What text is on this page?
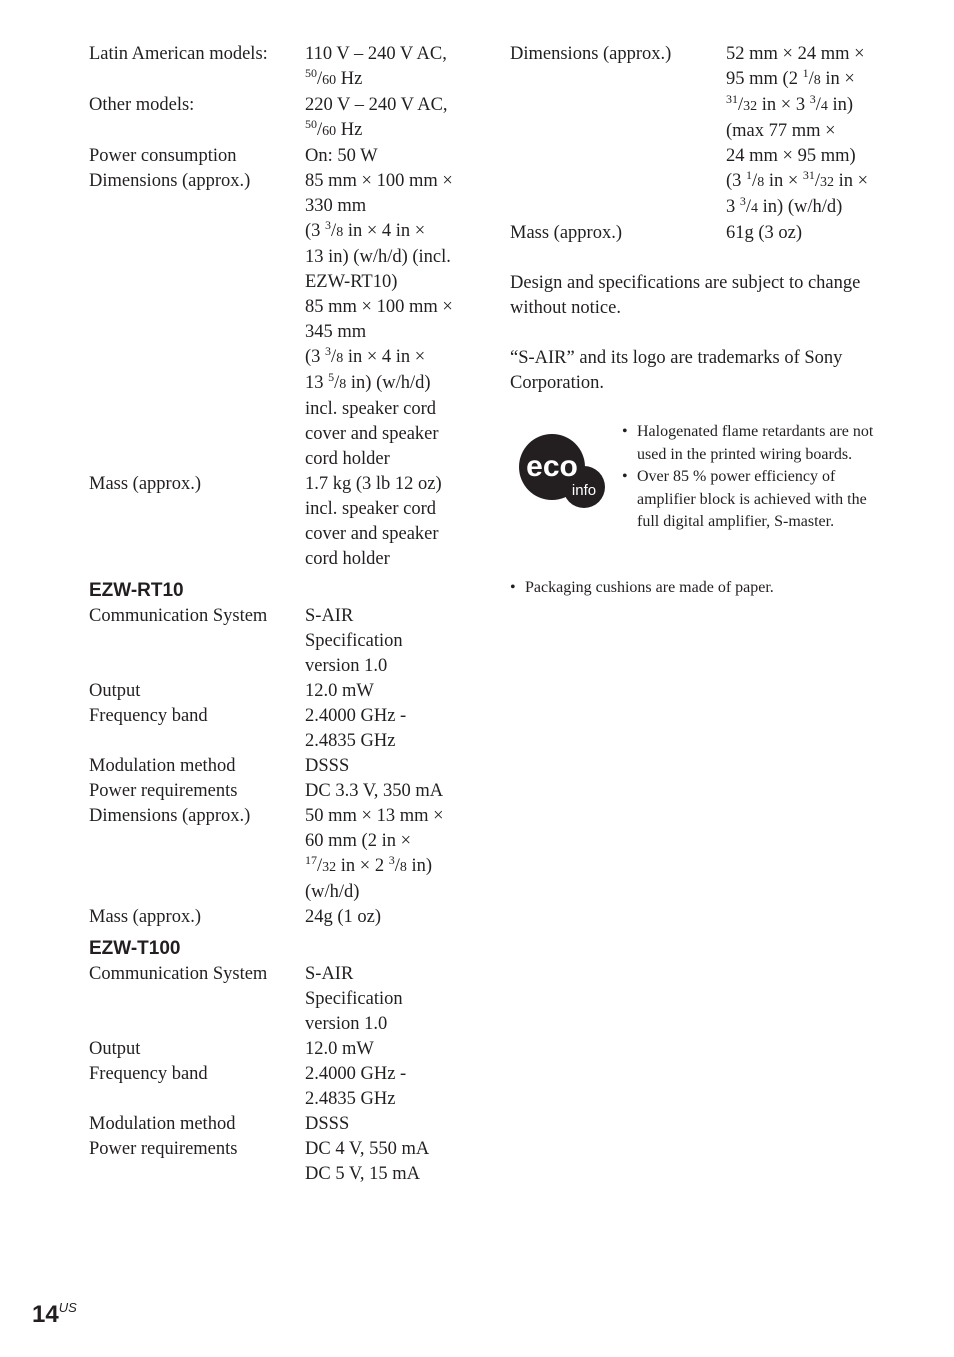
Latin American models: 110 V – 240 V AC,
$^{50}$/60 Hz
Other models:	220 V – 240 V AC,
$^{50}$/60 Hz
Power consumption	On: 50 W
Dimensions (approx.)	85 mm × 100 mm ×
330 mm
(3 $^3$/8 in × 4 in ×
13 in) (w/h/d) (incl.
EZW-RT10)
85 mm × 100 mm ×
345 mm
(3 $^3$/8 in × 4 in ×
13 $^5$/8 in) (w/h/d)
incl. speaker cord
cover and speaker
cord holder
Mass (approx.)	1.7 kg (3 lb 12 oz)
incl. speaker cord
cover and speaker
cord holder
EZW-RT10
Communication System S-AIR
Specification
version 1.0
Output	12.0 mW
Frequency band	2.4000 GHz -
2.4835 GHz
Modulation method	DSSS
Power requirements	DC 3.3 V, 350 mA
Dimensions (approx.)	50 mm × 13 mm ×
60 mm (2 in ×
$^{17}$/32 in × 2 $^3$/8 in)
(w/h/d)
Mass (approx.)	24g (1 oz)
EZW-T100
Communication System S-AIR
Specification
version 1.0
Output	12.0 mW
Frequency band	2.4000 GHz -
2.4835 GHz
Modulation method	DSSS
Power requirements	DC 4 V, 550 mA
DC 5 V, 15 mA
Dimensions (approx.)	52 mm × 24 mm ×
95 mm (2 $^1$/8 in ×
$^{31}$/32 in × 3 $^3$/4 in)
(max 77 mm ×
24 mm × 95 mm)
(3 $^1$/8 in × $^{31}$/32 in ×
3 $^3$/4 in) (w/h/d)
Mass (approx.)	61g (3 oz)
Design and specifications are subject to change without notice.
“S-AIR” and its logo are trademarks of Sony Corporation.
eco
info
• Halogenated flame retardants are not used in the printed wiring boards.
• Over 85 % power efficiency of amplifier block is achieved with the full digital amplifier, S-master.
• Packaging cushions are made of paper.
$14^{US}$
